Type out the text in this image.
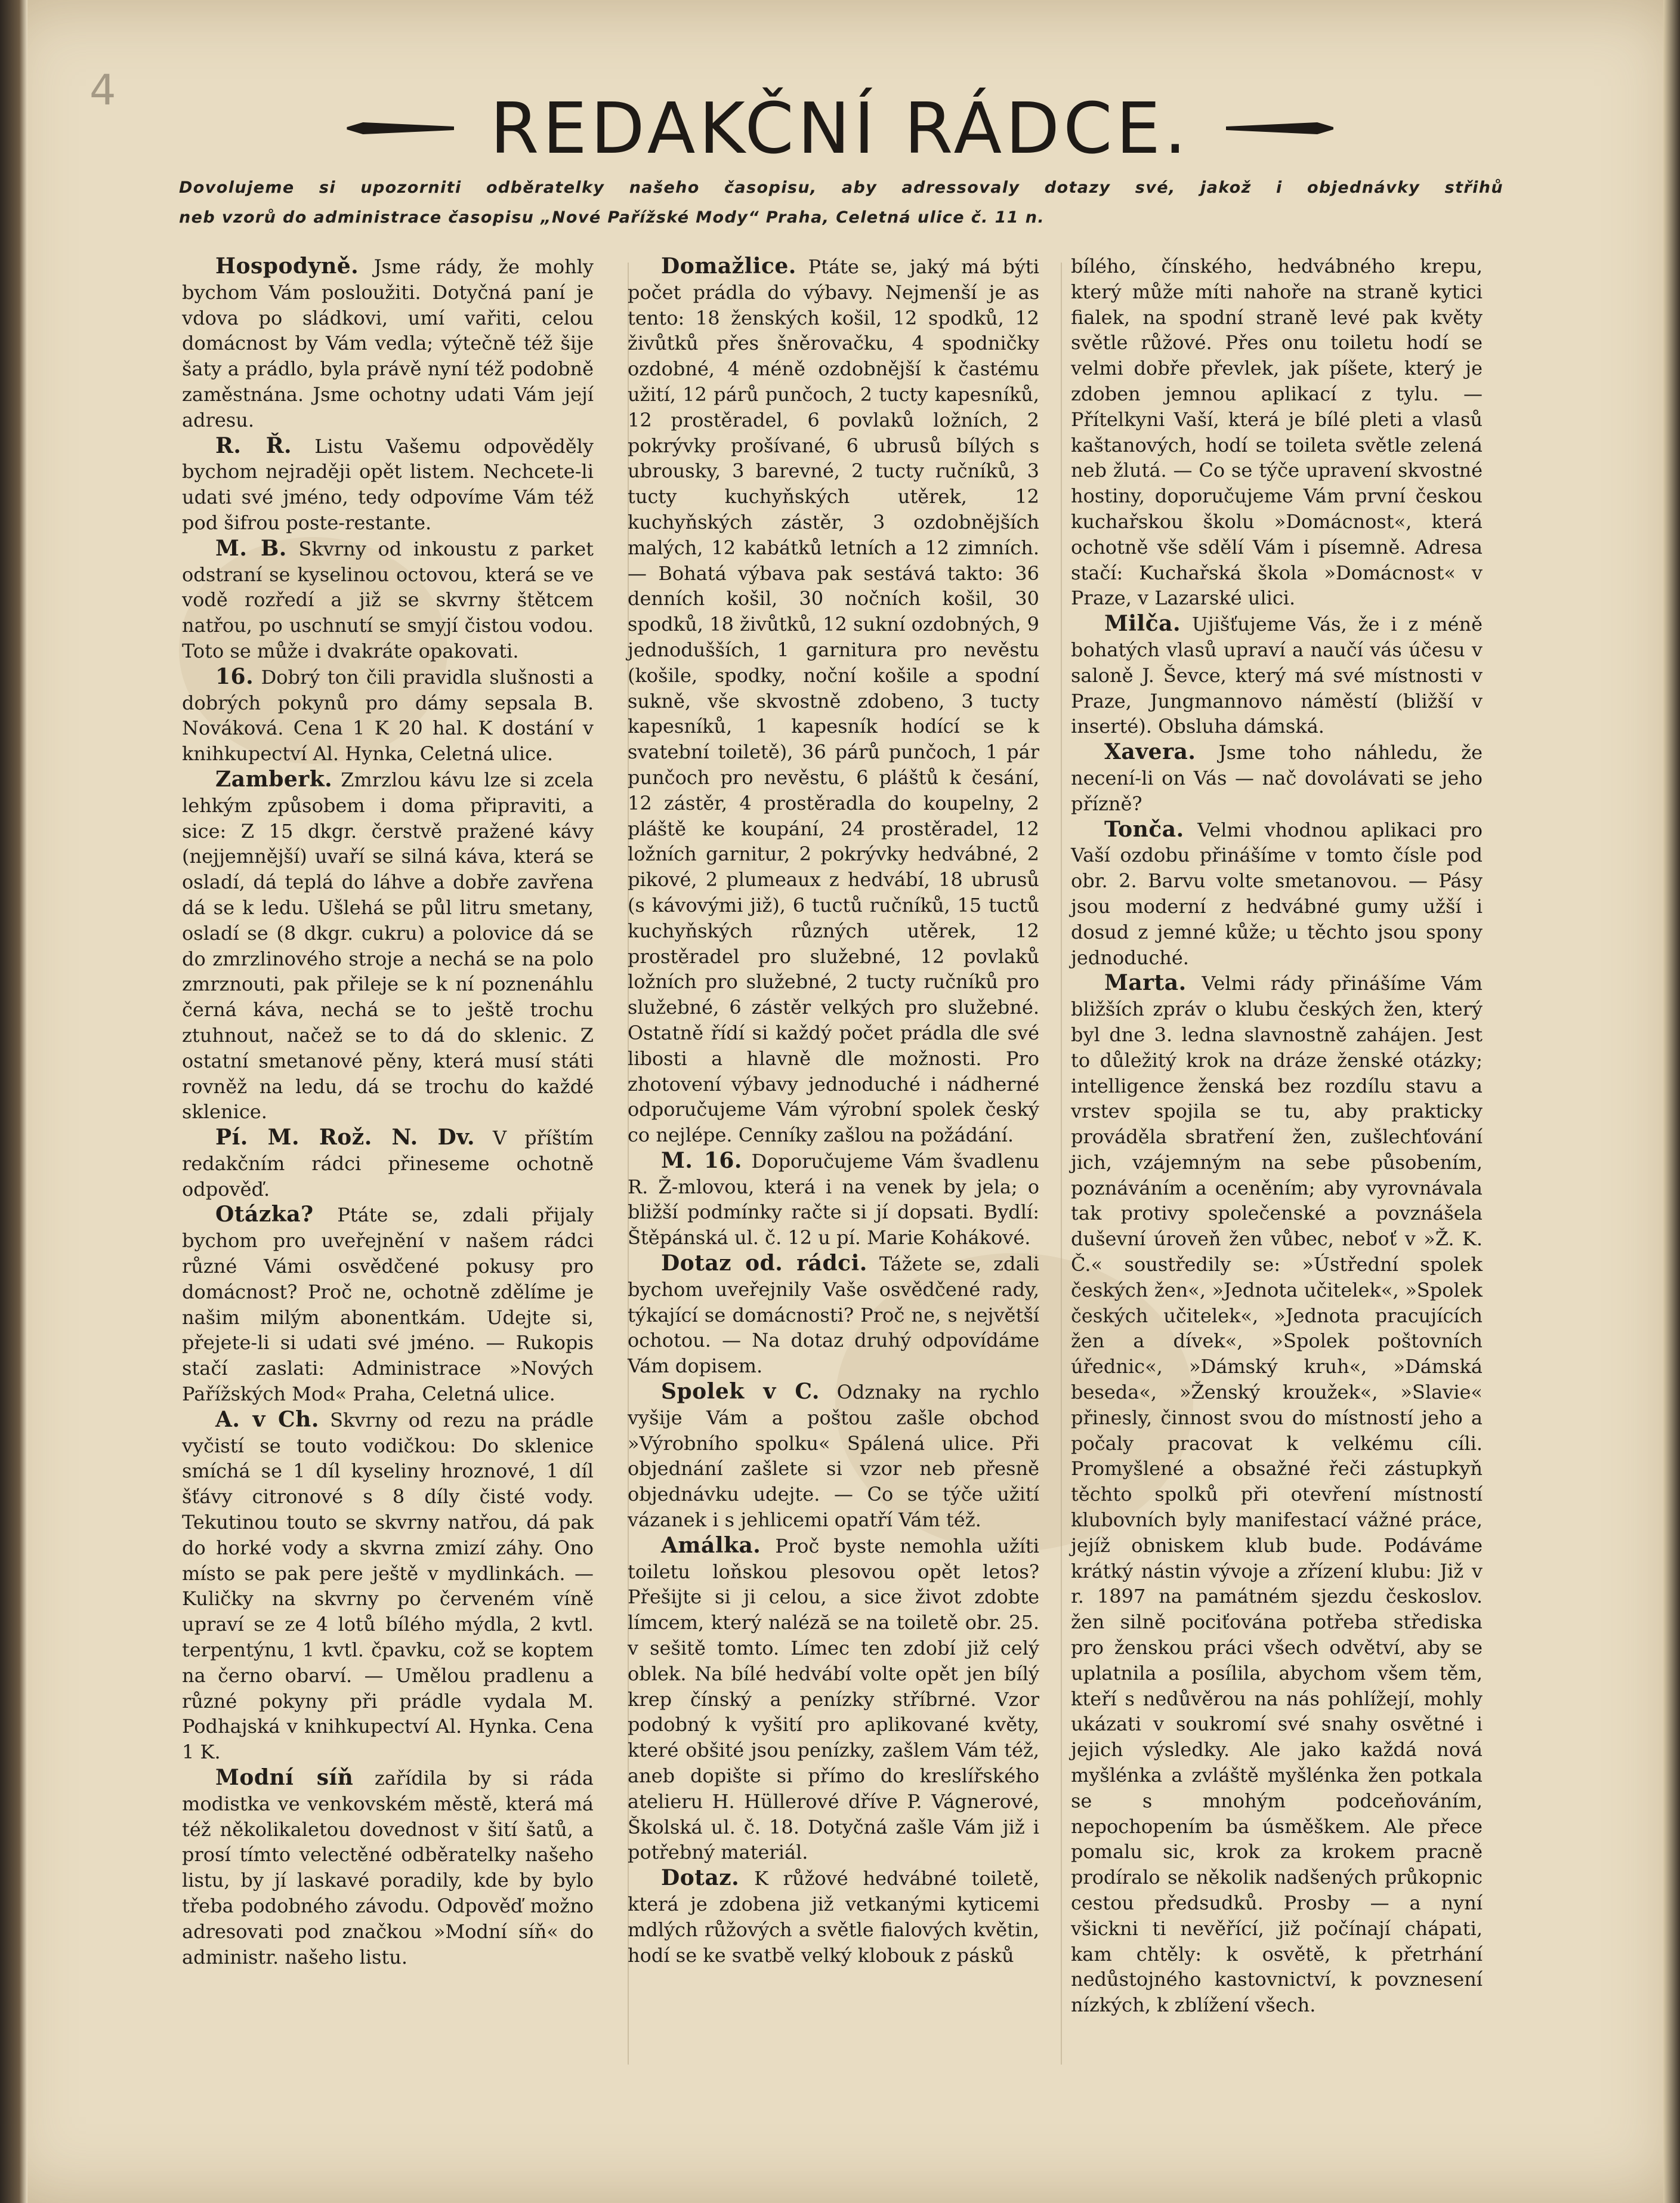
4	REDAKČNÍ RÁDCE.
Dovolujeme si upozorniti odběratelky našeho časopisu, aby adressovaly dotazy své, jakož i objednávky střihů
neb vzorů do administrace časopisu „Nové Pařížské Mody“ Praha, Celetná ulice č. 11 n.

Hospodyně. Jsme rády, že mohly bychom Vám posloužiti. Dotyčná paní je vdova po sládkovi, umí vařiti, celou domácnost by Vám vedla; výtečně též šije šaty a prádlo, byla právě nyní též podobně zaměstnána. Jsme ochotny udati Vám její adresu.

R. Ř. Listu Vašemu odpověděly bychom nejraději opět listem. Nechcete-li udati své jméno, tedy odpovíme Vám též pod šifrou poste-restante.

M. B. Skvrny od inkoustu z parket odstraní se kyselinou octovou, která se ve vodě rozředí a již se skvrny štětcem natřou, po uschnutí se smyjí čistou vodou. Toto se může i dvakráte opakovati.

16. Dobrý ton čili pravidla slušnosti a dobrých pokynů pro dámy sepsala B. Nováková. Cena 1 K 20 hal. K dostání v knihkupectví Al. Hynka, Celetná ulice.

Zamberk. Zmrzlou kávu lze si zcela lehkým způsobem i doma připraviti, a sice: Z 15 dkgr. čerstvě pražené kávy (nejjemnější) uvaří se silná káva, která se osladí, dá teplá do láhve a dobře zavřena dá se k ledu. Ušlehá se půl litru smetany, osladí se (8 dkgr. cukru) a polovice dá se do zmrzlinového stroje a nechá se na polo zmrznouti, pak přileje se k ní poznenáhlu černá káva, nechá se to ještě trochu ztuhnout, načež se to dá do sklenic. Z ostatní smetanové pěny, která musí státi rovněž na ledu, dá se trochu do každé sklenice.

Pí. M. Rož. N. Dv. V příštím redakčním rádci přineseme ochotně odpověď.

Otázka? Ptáte se, zdali přijaly bychom pro uveřejnění v našem rádci různé Vámi osvědčené pokusy pro domácnost? Proč ne, ochotně zdělíme je našim milým abonentkám. Udejte si, přejete-li si udati své jméno. — Rukopis stačí zaslati: Administrace »Nových Pařížských Mod« Praha, Celetná ulice.

A. v Ch. Skvrny od rezu na prádle vyčistí se touto vodičkou: Do sklenice smíchá se 1 díl kyseliny hroznové, 1 díl šťávy citronové s 8 díly čisté vody. Tekutinou touto se skvrny natřou, dá pak do horké vody a skvrna zmizí záhy. Ono místo se pak pere ještě v mydlinkách. — Kuličky na skvrny po červeném víně upraví se ze 4 lotů bílého mýdla, 2 kvtl. terpentýnu, 1 kvtl. čpavku, což se koptem na černo obarví. — Umělou pradlenu a různé pokyny při prádle vydala M. Podhajská v knihkupectví Al. Hynka. Cena 1 K.

Modní síň zařídila by si ráda modistka ve venkovském městě, která má též několikaletou dovednost v šití šatů, a prosí tímto velectěné odběratelky našeho listu, by jí laskavé poradily, kde by bylo třeba podobného závodu. Odpověď možno adresovati pod značkou »Modní síň« do administr. našeho listu.

Domažlice. Ptáte se, jaký má býti počet prádla do výbavy. Nejmenší je as tento: 18 ženských košil, 12 spodků, 12 živůtků přes šněrovačku, 4 spodničky ozdobné, 4 méně ozdobnější k častému užití, 12 párů punčoch, 2 tucty kapesníků, 12 prostěradel, 6 povlaků ložních, 2 pokrývky prošívané, 6 ubrusů bílých s ubrousky, 3 barevné, 2 tucty ručníků, 3 tucty kuchyňských utěrek, 12 kuchyňských zástěr, 3 ozdobnějších malých, 12 kabátků letních a 12 zimních. — Bohatá výbava pak sestává takto: 36 denních košil, 30 nočních košil, 30 spodků, 18 živůtků, 12 sukní ozdobných, 9 jednodušších, 1 garnitura pro nevěstu (košile, spodky, noční košile a spodní sukně, vše skvostně zdobeno, 3 tucty kapesníků, 1 kapesník hodící se k svatební toiletě), 36 párů punčoch, 1 pár punčoch pro nevěstu, 6 pláštů k česání, 12 zástěr, 4 prostěradla do koupelny, 2 pláště ke koupání, 24 prostěradel, 12 ložních garnitur, 2 pokrývky hedvábné, 2 pikové, 2 plumeaux z hedvábí, 18 ubrusů (s kávovými již), 6 tuctů ručníků, 15 tuctů kuchyňských různých utěrek, 12 prostěradel pro služebné, 12 povlaků ložních pro služebné, 2 tucty ručníků pro služebné, 6 zástěr velkých pro služebné. Ostatně řídí si každý počet prádla dle své libosti a hlavně dle možnosti. Pro zhotovení výbavy jednoduché i nádherné odporučujeme Vám výrobní spolek český co nejlépe. Cenníky zašlou na požádání.

M. 16. Doporučujeme Vám švadlenu R. Ž-mlovou, která i na venek by jela; o bližší podmínky račte si jí dopsati. Bydlí: Štěpánská ul. č. 12 u pí. Marie Kohákové.

Dotaz od. rádci. Tážete se, zdali bychom uveřejnily Vaše osvědčené rady, týkající se domácnosti? Proč ne, s největší ochotou. — Na dotaz druhý odpovídáme Vám dopisem.

Spolek v C. Odznaky na rychlo vyšije Vám a poštou zašle obchod »Výrobního spolku« Spálená ulice. Při objednání zašlete si vzor neb přesně objednávku udejte. — Co se týče užití vázanek i s jehlicemi opatří Vám též.

Amálka. Proč byste nemohla užíti toiletu loňskou plesovou opět letos? Přešijte si ji celou, a sice život zdobte límcem, který naléză se na toiletě obr. 25. v sešitě tomto. Límec ten zdobí již celý oblek. Na bílé hedvábí volte opět jen bílý krep čínský a penízky stříbrné. Vzor podobný k vyšití pro aplikované květy, které obšité jsou penízky, zašlem Vám též, aneb dopište si přímo do kreslířského atelieru H. Hüllerové dříve P. Vágnerové, Školská ul. č. 18. Dotyčná zašle Vám již i potřebný materiál.

Dotaz. K růžové hedvábné toiletě, která je zdobena již vetkanými kyticemi mdlých růžových a světle fialových květin, hodí se ke svatbě velký klobouk z pásků

bílého, čínského, hedvábného krepu, který může míti nahoře na straně kytici fialek, na spodní straně levé pak květy světle růžové. Přes onu toiletu hodí se velmi dobře převlek, jak píšete, který je zdoben jemnou aplikací z tylu. — Přítelkyni Vaší, která je bílé pleti a vlasů kaštanových, hodí se toileta světle zelená neb žlutá. — Co se týče upravení skvostné hostiny, doporučujeme Vám první českou kuchařskou školu »Domácnost«, která ochotně vše sdělí Vám i písemně. Adresa stačí: Kuchařská škola »Domácnost« v Praze, v Lazarské ulici.

Milča. Ujišťujeme Vás, že i z méně bohatých vlasů upraví a naučí vás účesu v saloně J. Ševce, který má své místnosti v Praze, Jungmannovo náměstí (bližší v inserté). Obsluha dámská.

Xavera. Jsme toho náhledu, že necení-li on Vás — nač dovolávati se jeho přízně?

Tonča. Velmi vhodnou aplikaci pro Vaší ozdobu přinášíme v tomto čísle pod obr. 2. Barvu volte smetanovou. — Pásy jsou moderní z hedvábné gumy užší i dosud z jemné kůže; u těchto jsou spony jednoduché.

Marta. Velmi rády přinášíme Vám bližších zpráv o klubu českých žen, který byl dne 3. ledna slavnostně zahájen. Jest to důležitý krok na dráze ženské otázky; intelligence ženská bez rozdílu stavu a vrstev spojila se tu, aby prakticky prováděla sbratření žen, zušlechťování jich, vzájemným na sebe působením, poznáváním a oceněním; aby vyrovnávala tak protivy společenské a povznášela duševní úroveň žen vůbec, neboť v »Ž. K. Č.« soustředily se: »Ústřední spolek českých žen«, »Jednota učitelek«, »Spolek českých učitelek«, »Jednota pracujících žen a dívek«, »Spolek poštovních úřednic«, »Dámský kruh«, »Dámská beseda«, »Ženský kroužek«, »Slavie« přinesly, činnost svou do místností jeho a počaly pracovat k velkému cíli. Promyšlené a obsažné řeči zástupkyň těchto spolků při otevření místností klubovních byly manifestací vážné práce, jejíž obniskem klub bude. Podáváme krátký nástin vývoje a zřízení klubu: Již v r. 1897 na památném sjezdu českoslov. žen silně pociťována potřeba střediska pro ženskou práci všech odvětví, aby se uplatnila a posílila, abychom všem těm, kteří s nedůvěrou na nás pohlížejí, mohly ukázati v soukromí své snahy osvětné i jejich výsledky. Ale jako každá nová myšlénka a zvláště myšlénka žen potkala se s mnohým podceňováním, nepochopením ba úsměškem. Ale přece pomalu sic, krok za krokem pracně prodíralo se několik nadšených průkopnic cestou předsudků. Prosby — a nyní všickni ti nevěřící, již počínají chápati, kam chtěly: k osvětě, k přetrhání nedůstojného kastovnictví, k povznesení nízkých, k zblížení všech.
